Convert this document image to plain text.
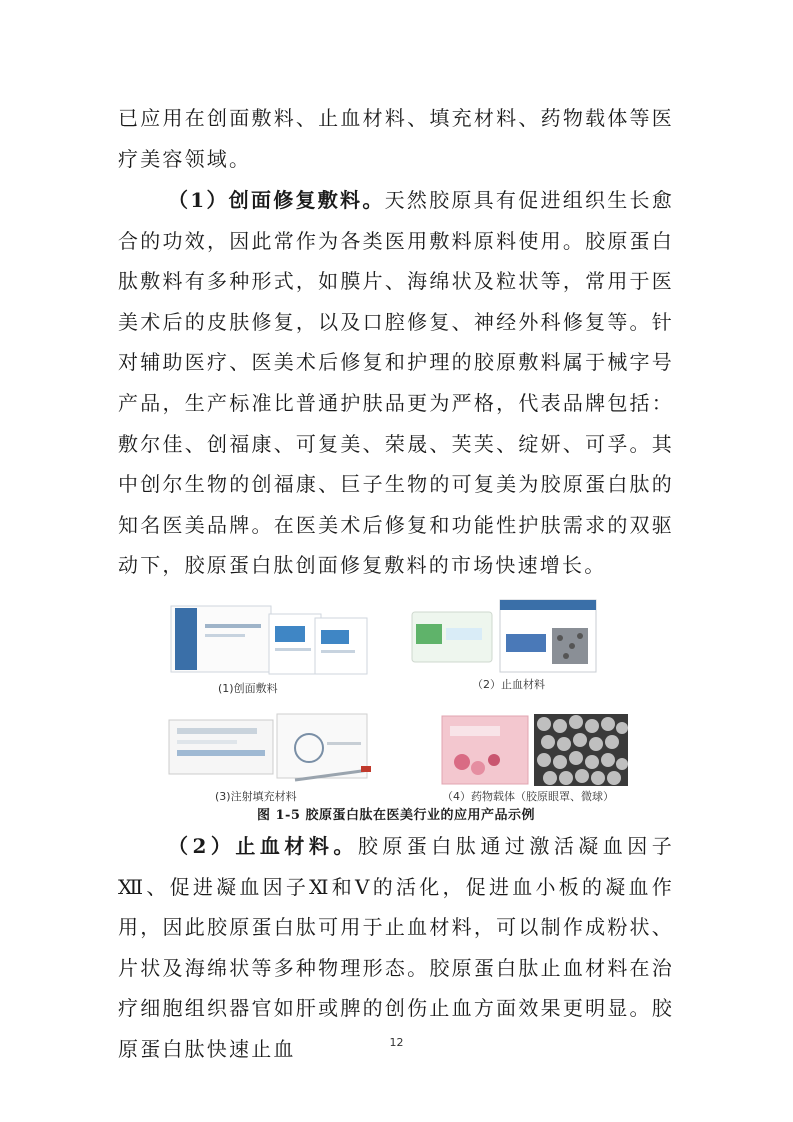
已应用在创面敷料、止血材料、填充材料、药物载体等医疗美容领域。

（1）创面修复敷料。天然胶原具有促进组织生长愈合的功效，因此常作为各类医用敷料原料使用。胶原蛋白肽敷料有多种形式，如膜片、海绵状及粒状等，常用于医美术后的皮肤修复，以及口腔修复、神经外科修复等。针对辅助医疗、医美术后修复和护理的胶原敷料属于械字号产品，生产标准比普通护肤品更为严格，代表品牌包括：敷尔佳、创福康、可复美、荣晟、芙芙、绽妍、可孚。其中创尔生物的创福康、巨子生物的可复美为胶原蛋白肽的知名医美品牌。在医美术后修复和功能性护肤需求的双驱动下，胶原蛋白肽创面修复敷料的市场快速增长。

(1)创面敷料	（2）止血材料
(3)注射填充材料	（4）药物载体（胶原眼罩、微球）
图 1-5 胶原蛋白肽在医美行业的应用产品示例

（2）止血材料。胶原蛋白肽通过激活凝血因子Ⅻ、促进凝血因子Ⅺ和Ⅴ的活化，促进血小板的凝血作用，因此胶原蛋白肽可用于止血材料，可以制作成粉状、片状及海绵状等多种物理形态。胶原蛋白肽止血材料在治疗细胞组织器官如肝或脾的创伤止血方面效果更明显。胶原蛋白肽快速止血	12
